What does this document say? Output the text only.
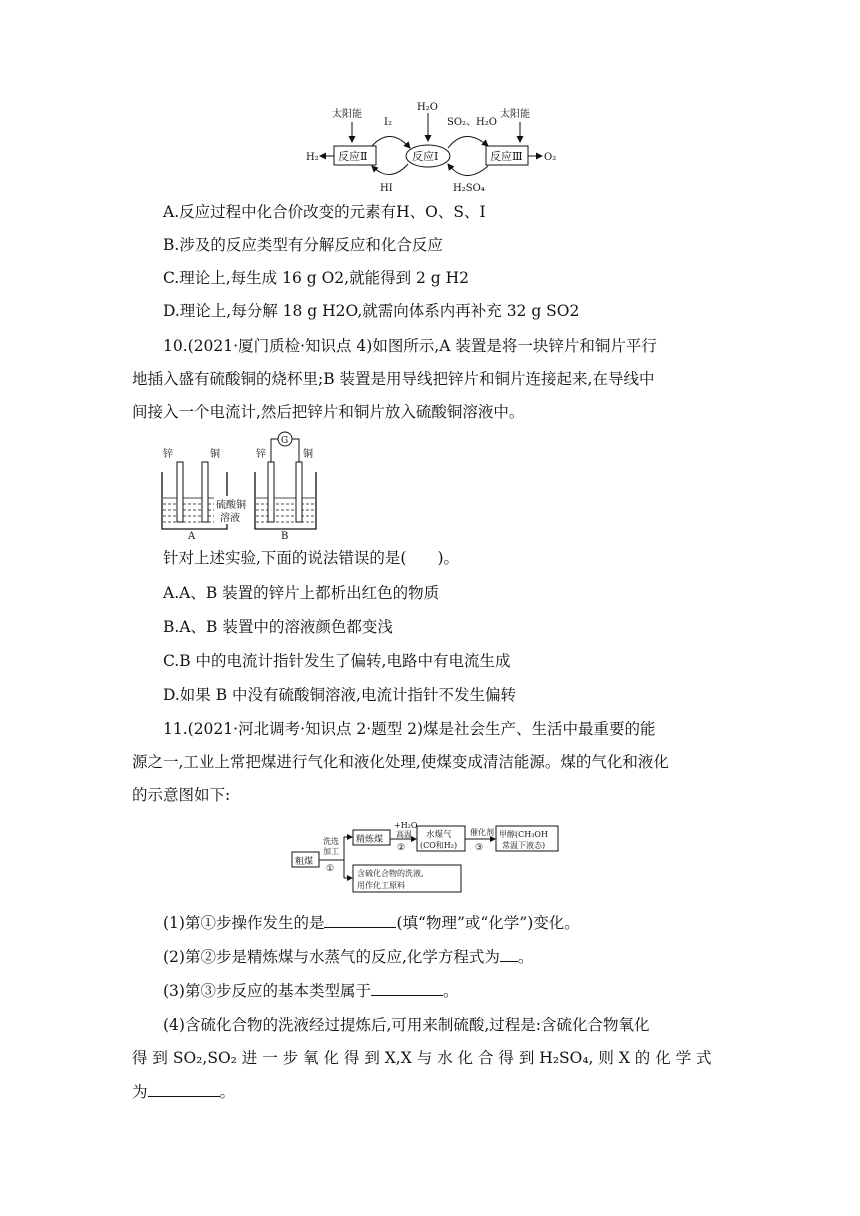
太阳能
H₂O
太阳能
I₂	SO₂、H₂O
H₂ 反应Ⅱ	反应Ⅰ	反应Ⅲ O₂
HI	H₂SO₄
A.反应过程中化合价改变的元素有H、O、S、I
B.涉及的反应类型有分解反应和化合反应
C.理论上,每生成 16 g O2,就能得到 2 g H2
D.理论上,每分解 18 g H2O,就需向体系内再补充 32 g SO2
10.(2021·厦门质检·知识点 4)如图所示,A 装置是将一块锌片和铜片平行
地插入盛有硫酸铜的烧杯里;B 装置是用导线把锌片和铜片连接起来,在导线中
间接入一个电流计,然后把锌片和铜片放入硫酸铜溶液中。
锌	铜
A
锌	铜
G
B
硫酸铜
溶液
针对上述实验,下面的说法错误的是(　　)。
A.A、B 装置的锌片上都析出红色的物质
B.A、B 装置中的溶液颜色都变浅
C.B 中的电流计指针发生了偏转,电路中有电流生成
D.如果 B 中没有硫酸铜溶液,电流计指针不发生偏转
11.(2021·河北调考·知识点 2·题型 2)煤是社会生产、生活中最重要的能
源之一,工业上常把煤进行气化和液化处理,使煤变成清洁能源。煤的气化和液化
的示意图如下:
粗煤
洗选
加工
①
精炼煤
+H₂O
高温
②
水煤气
(CO和H₂)
催化剂
③
甲醇(CH₃OH
常温下液态)
含硫化合物的洗液,
用作化工原料
(1)第①步操作发生的是	(填“物理”或“化学”)变化。
(2)第②步是精炼煤与水蒸气的反应,化学方程式为 。
(3)第③步反应的基本类型属于	。
(4)含硫化合物的洗液经过提炼后,可用来制硫酸,过程是:含硫化合物氧化
得 到 SO₂,SO₂ 进 一 步 氧 化 得 到 X,X 与 水 化 合 得 到 H₂SO₄, 则 X 的 化 学 式
为	。
